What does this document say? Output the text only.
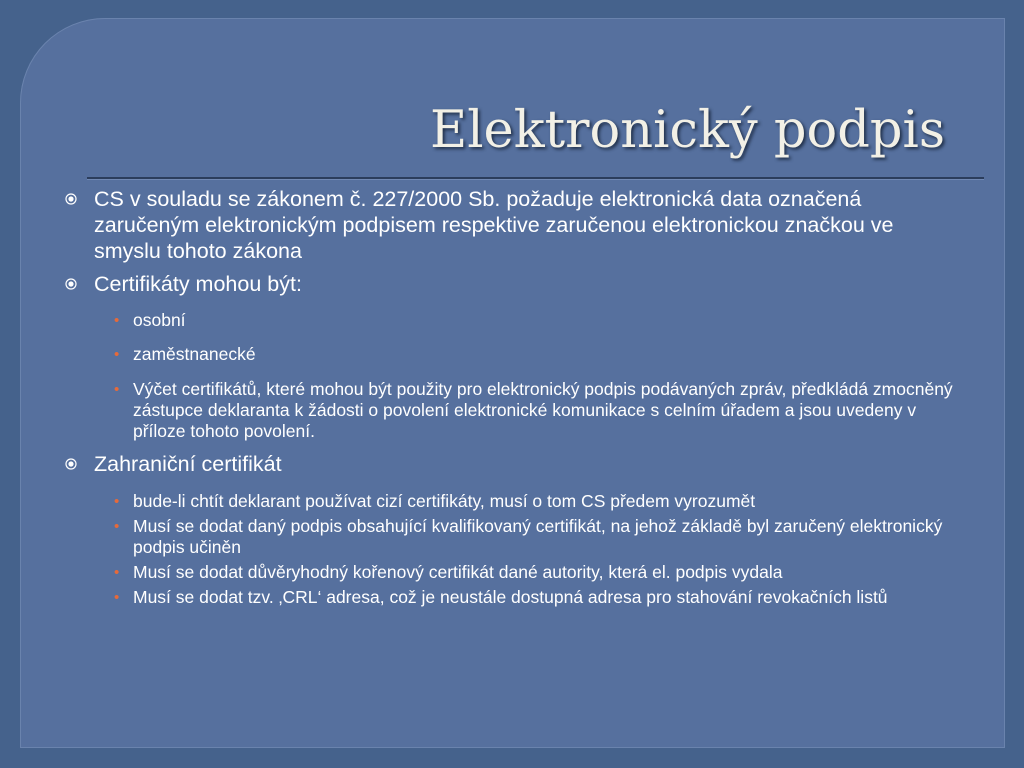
Elektronický podpis
CS v souladu se zákonem č. 227/2000 Sb. požaduje elektronická data označená zaručeným elektronickým podpisem respektive zaručenou elektronickou značkou ve smyslu tohoto zákona
Certifikáty mohou být:
• osobní
• zaměstnanecké
• Výčet certifikátů, které mohou být použity pro elektronický podpis podávaných zpráv, předkládá zmocněný zástupce deklaranta k žádosti o povolení elektronické komunikace s celním úřadem a jsou uvedeny v příloze tohoto povolení.
Zahraniční certifikát
• bude-li chtít deklarant používat cizí certifikáty, musí o tom CS předem vyrozumět
• Musí se dodat daný podpis obsahující kvalifikovaný certifikát, na jehož základě byl zaručený elektronický podpis učiněn
• Musí se dodat důvěryhodný kořenový certifikát dané autority, která el. podpis vydala
• Musí se dodat tzv. ‚CRL‘ adresa, což je neustále dostupná adresa pro stahování revokačních listů
